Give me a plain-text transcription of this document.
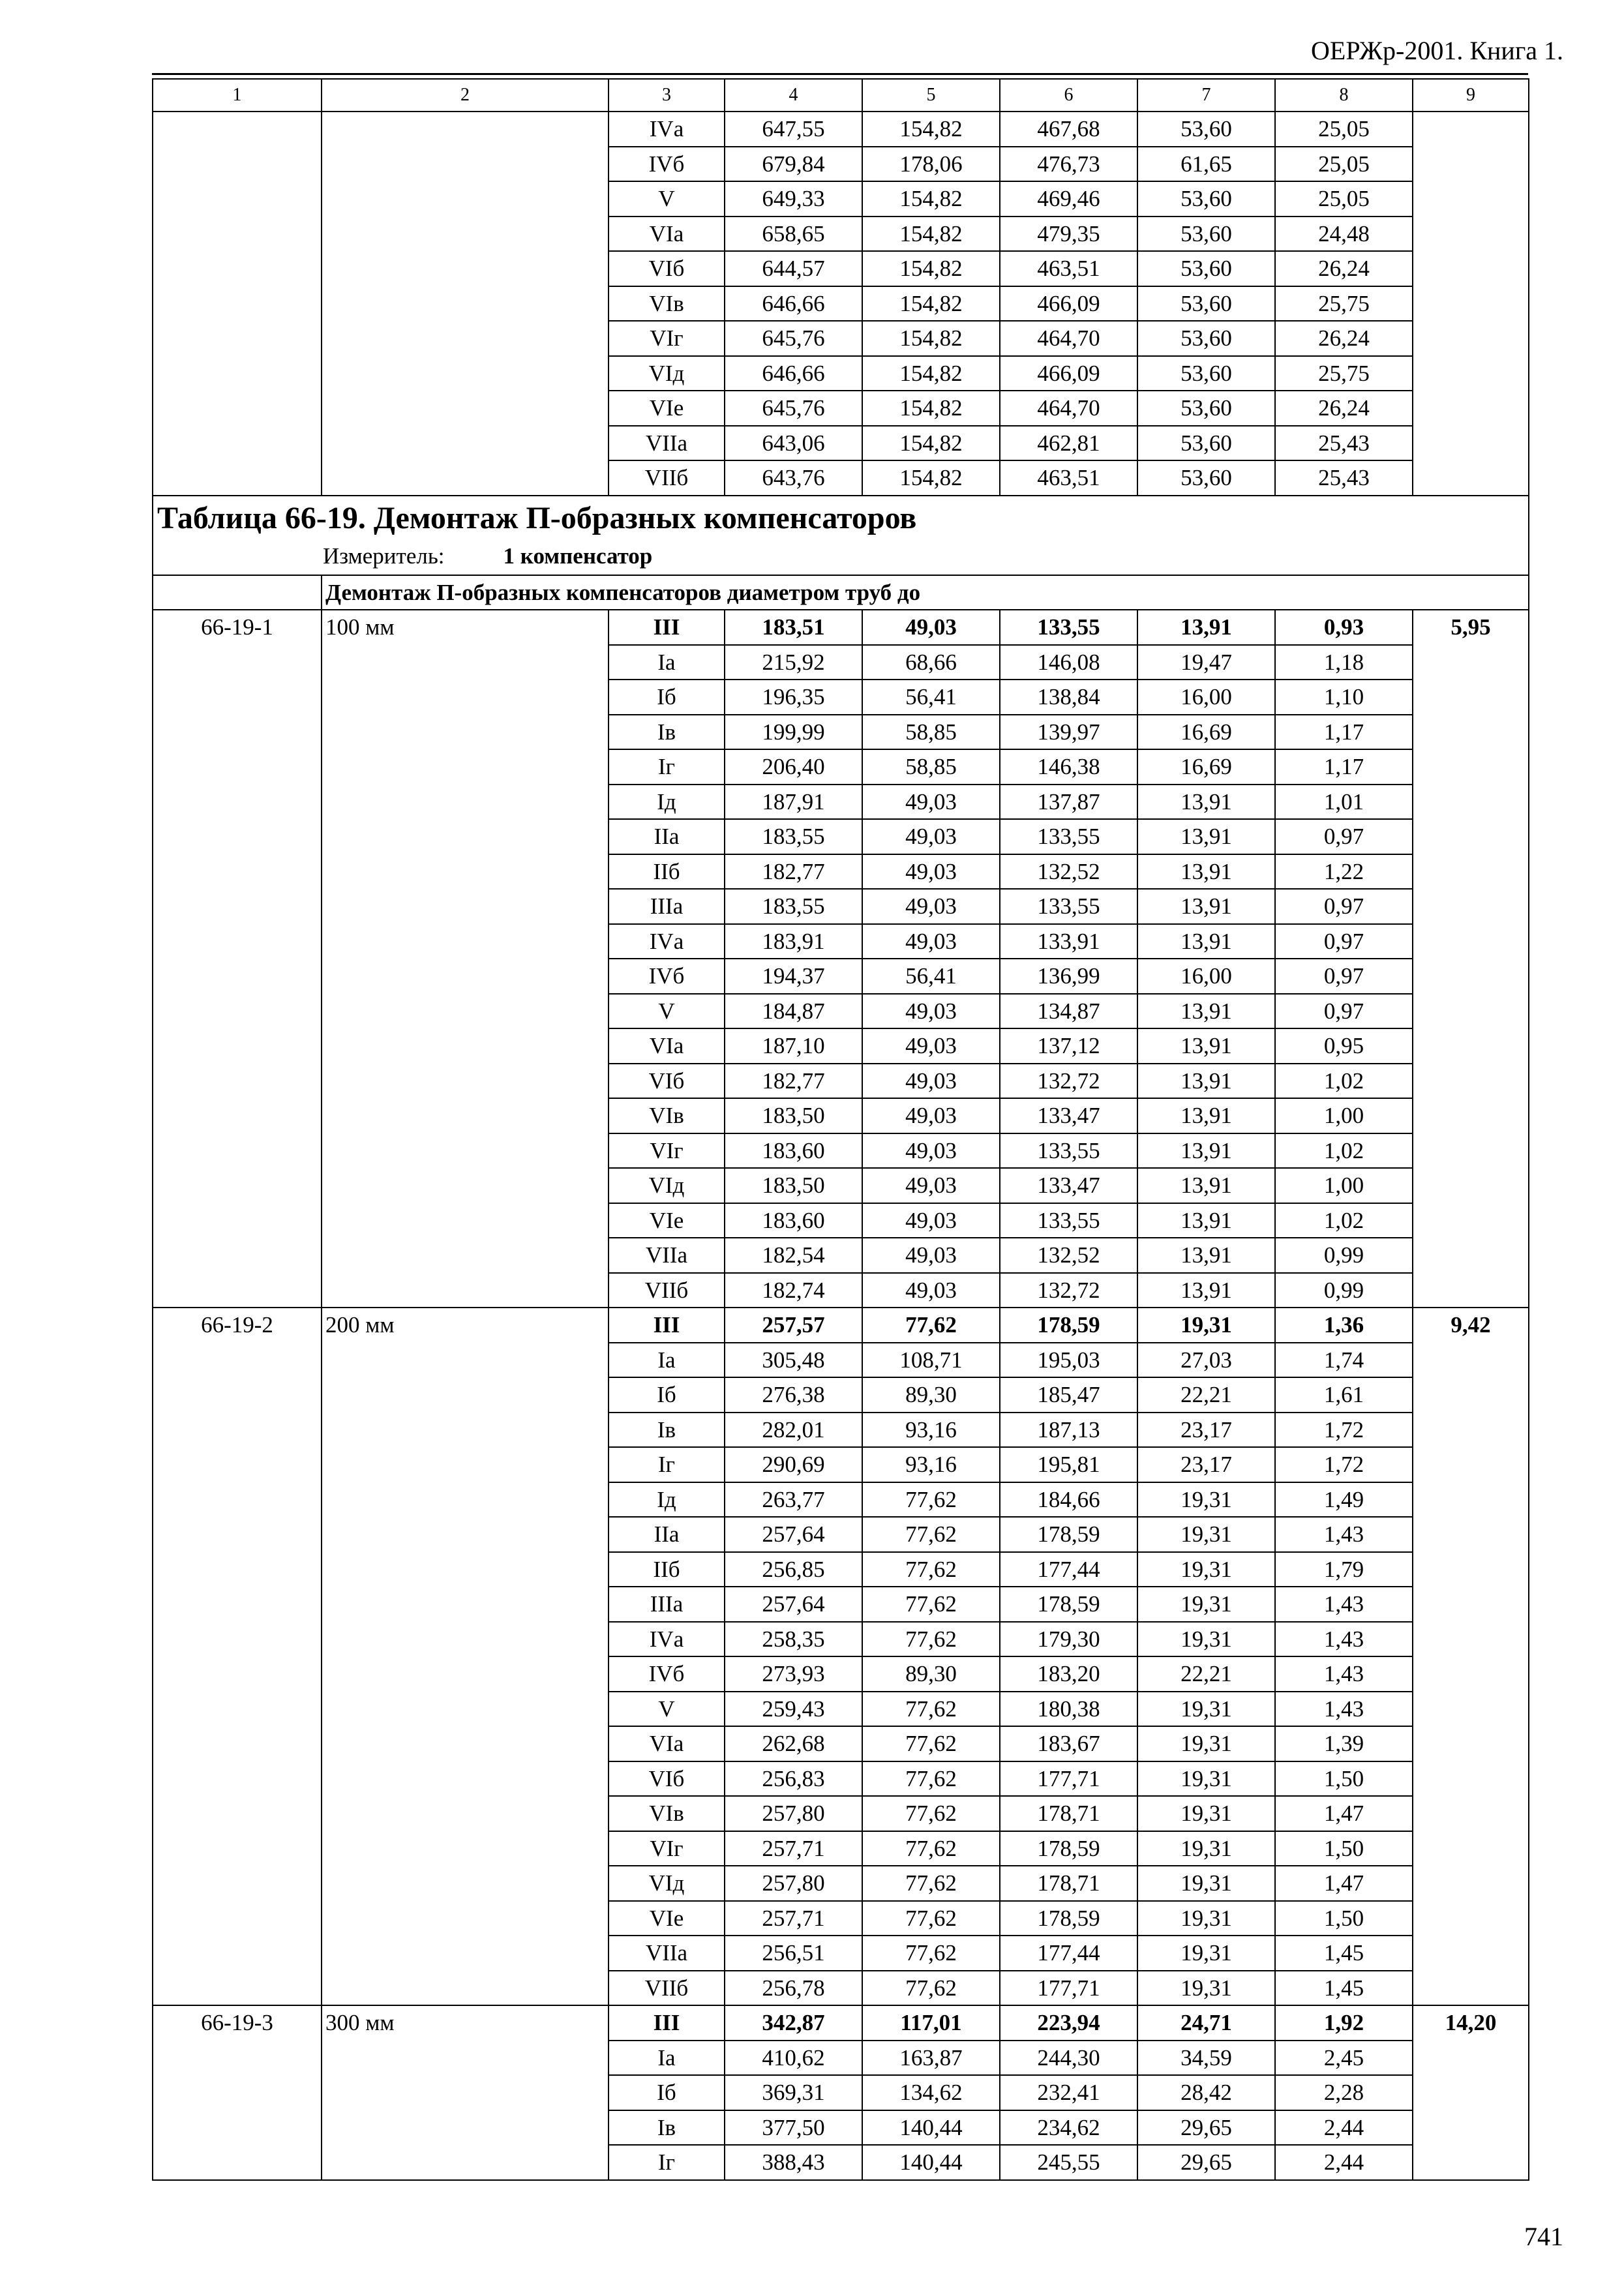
ОЕРЖр-2001. Книга 1.
1	2	3	4	5	6	7	8	9
		IVа	647,55	154,82	467,68	53,60	25,05	
		IVб	679,84	178,06	476,73	61,65	25,05	
		V	649,33	154,82	469,46	53,60	25,05	
		VIа	658,65	154,82	479,35	53,60	24,48	
		VIб	644,57	154,82	463,51	53,60	26,24	
		VIв	646,66	154,82	466,09	53,60	25,75	
		VIг	645,76	154,82	464,70	53,60	26,24	
		VIд	646,66	154,82	466,09	53,60	25,75	
		VIе	645,76	154,82	464,70	53,60	26,24	
		VIIа	643,06	154,82	462,81	53,60	25,43	
		VIIб	643,76	154,82	463,51	53,60	25,43	

Таблица 66-19. Демонтаж П-образных компенсаторов
Измеритель: 1 компенсатор								

	Демонтаж П-образных компенсаторов диаметром труб до							
66-19-1	100 мм	III	183,51	49,03	133,55	13,91	0,93	5,95
		Iа	215,92	68,66	146,08	19,47	1,18	
		Iб	196,35	56,41	138,84	16,00	1,10	
		Iв	199,99	58,85	139,97	16,69	1,17	
		Iг	206,40	58,85	146,38	16,69	1,17	
		Iд	187,91	49,03	137,87	13,91	1,01	
		IIа	183,55	49,03	133,55	13,91	0,97	
		IIб	182,77	49,03	132,52	13,91	1,22	
		IIIа	183,55	49,03	133,55	13,91	0,97	
		IVа	183,91	49,03	133,91	13,91	0,97	
		IVб	194,37	56,41	136,99	16,00	0,97	
		V	184,87	49,03	134,87	13,91	0,97	
		VIа	187,10	49,03	137,12	13,91	0,95	
		VIб	182,77	49,03	132,72	13,91	1,02	
		VIв	183,50	49,03	133,47	13,91	1,00	
		VIг	183,60	49,03	133,55	13,91	1,02	
		VIд	183,50	49,03	133,47	13,91	1,00	
		VIе	183,60	49,03	133,55	13,91	1,02	
		VIIа	182,54	49,03	132,52	13,91	0,99	
		VIIб	182,74	49,03	132,72	13,91	0,99	
66-19-2	200 мм	III	257,57	77,62	178,59	19,31	1,36	9,42
		Iа	305,48	108,71	195,03	27,03	1,74	
		Iб	276,38	89,30	185,47	22,21	1,61	
		Iв	282,01	93,16	187,13	23,17	1,72	
		Iг	290,69	93,16	195,81	23,17	1,72	
		Iд	263,77	77,62	184,66	19,31	1,49	
		IIа	257,64	77,62	178,59	19,31	1,43	
		IIб	256,85	77,62	177,44	19,31	1,79	
		IIIа	257,64	77,62	178,59	19,31	1,43	
		IVа	258,35	77,62	179,30	19,31	1,43	
		IVб	273,93	89,30	183,20	22,21	1,43	
		V	259,43	77,62	180,38	19,31	1,43	
		VIа	262,68	77,62	183,67	19,31	1,39	
		VIб	256,83	77,62	177,71	19,31	1,50	
		VIв	257,80	77,62	178,71	19,31	1,47	
		VIг	257,71	77,62	178,59	19,31	1,50	
		VIд	257,80	77,62	178,71	19,31	1,47	
		VIе	257,71	77,62	178,59	19,31	1,50	
		VIIа	256,51	77,62	177,44	19,31	1,45	
		VIIб	256,78	77,62	177,71	19,31	1,45	
66-19-3	300 мм	III	342,87	117,01	223,94	24,71	1,92	14,20
		Iа	410,62	163,87	244,30	34,59	2,45	
		Iб	369,31	134,62	232,41	28,42	2,28	
		Iв	377,50	140,44	234,62	29,65	2,44	
		Iг	388,43	140,44	245,55	29,65	2,44	
741
